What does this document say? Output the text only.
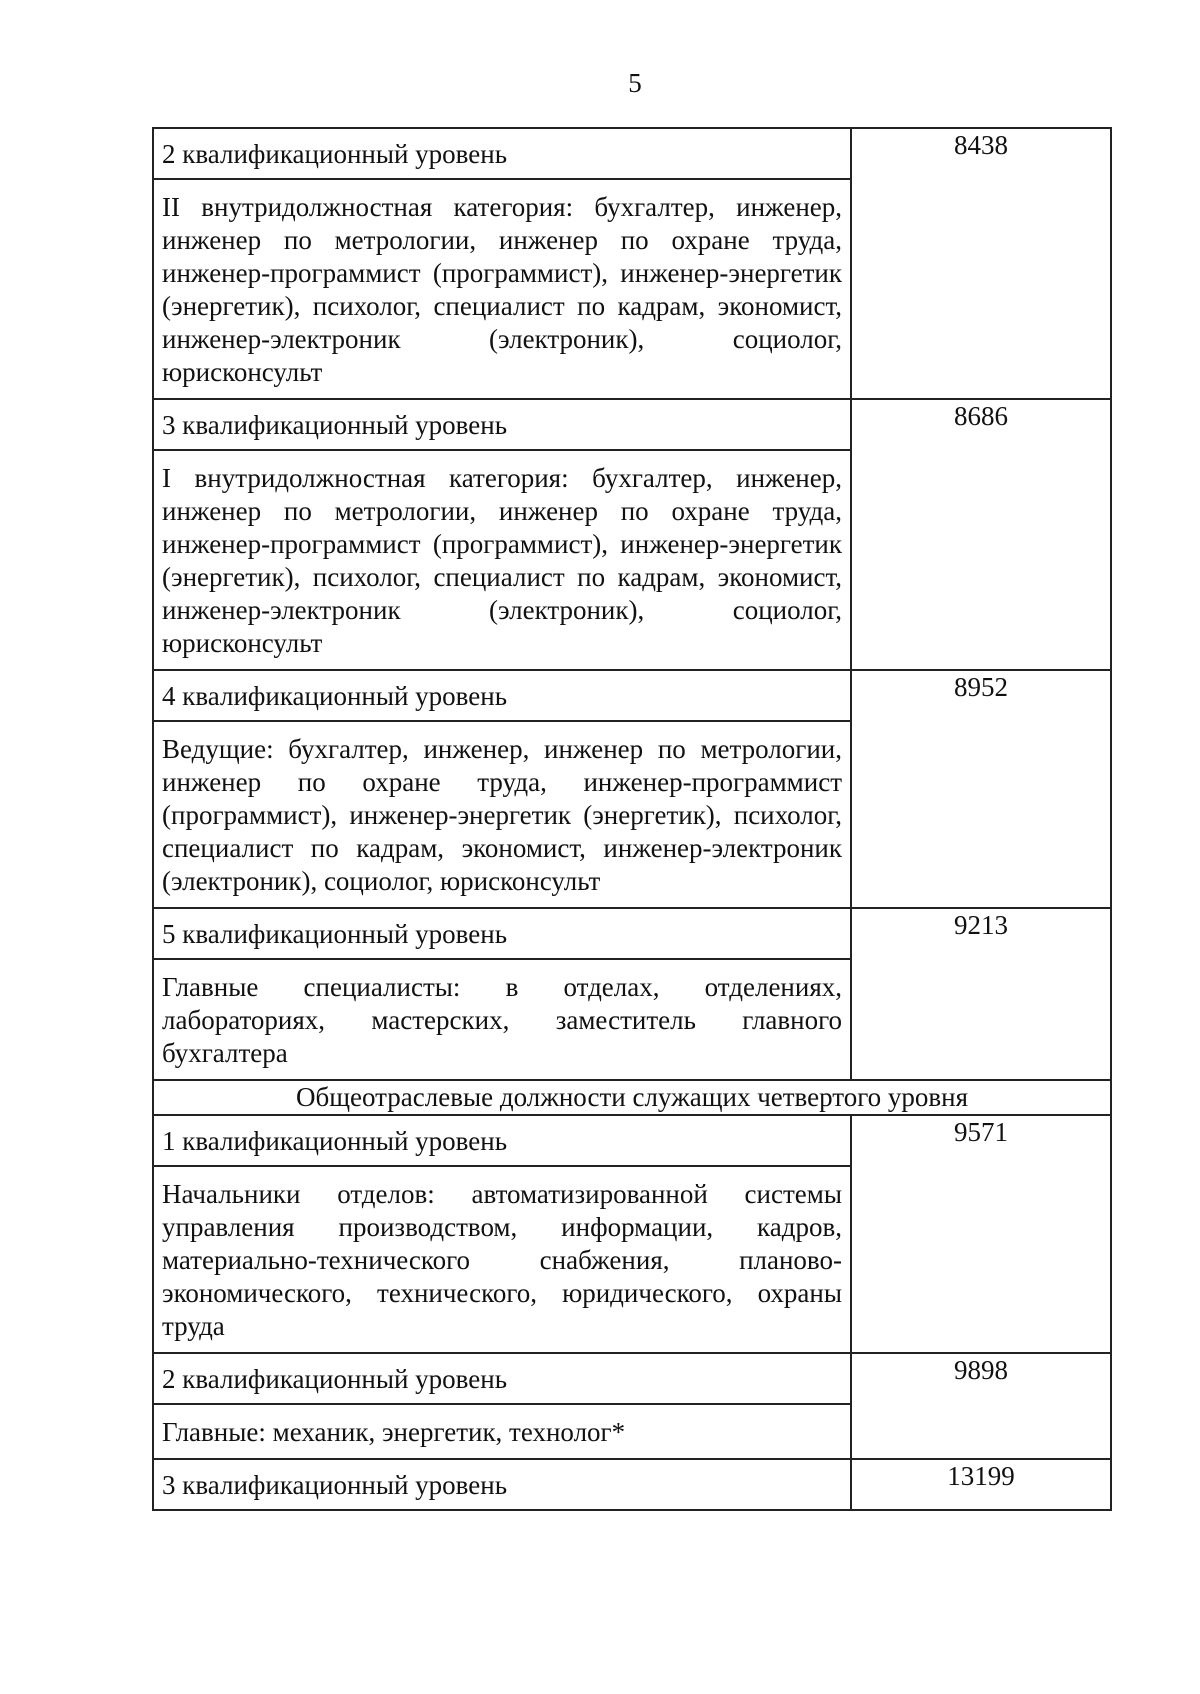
5
2 квалификационный уровень
II внутридолжностная категория: бухгалтер, инженер, инженер по метрологии, инженер по охране труда, инженер-программист (программист), инженер-энергетик (энергетик), психолог, специалист по кадрам, экономист, инженер-электроник (электроник), социолог, юрисконсульт	8438

3 квалификационный уровень
I внутридолжностная категория: бухгалтер, инженер, инженер по метрологии, инженер по охране труда, инженер-программист (программист), инженер-энергетик (энергетик), психолог, специалист по кадрам, экономист, инженер-электроник (электроник), социолог, юрисконсульт	8686

4 квалификационный уровень
Ведущие: бухгалтер, инженер, инженер по метрологии, инженер по охране труда, инженер-программист (программист), инженер-энергетик (энергетик), психолог, специалист по кадрам, экономист, инженер-электроник (электроник), социолог, юрисконсульт	8952

5 квалификационный уровень
Главные специалисты: в отделах, отделениях, лабораториях, мастерских, заместитель главного бухгалтера	9213
Общеотраслевые должности служащих четвертого уровня	

1 квалификационный уровень
Начальники отделов: автоматизированной системы управления производством, информации, кадров, материально-технического снабжения, планово-экономического, технического, юридического, охраны труда	9571

2 квалификационный уровень
Главные: механик, энергетик, технолог*	9898

3 квалификационный уровень	13199
